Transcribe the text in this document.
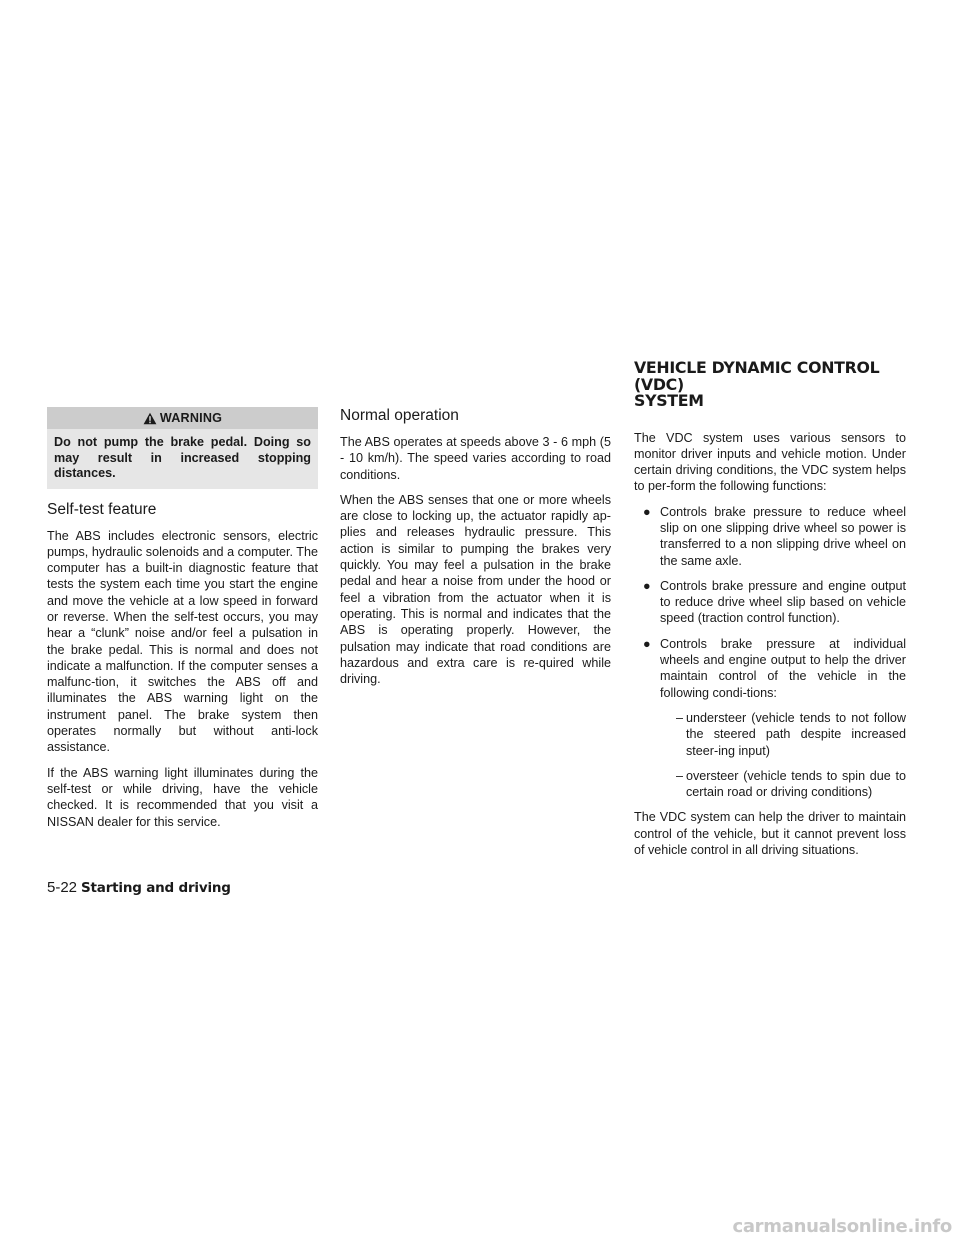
WARNING
Do not pump the brake pedal. Doing so may result in increased stopping distances.
Self-test feature

The ABS includes electronic sensors, electric pumps, hydraulic solenoids and a computer. The computer has a built-in diagnostic feature that tests the system each time you start the engine and move the vehicle at a low speed in forward or reverse. When the self-test occurs, you may hear a “clunk” noise and/or feel a pulsation in the brake pedal. This is normal and does not indicate a malfunction. If the computer senses a malfunc-tion, it switches the ABS off and illuminates the ABS warning light on the instrument panel. The brake system then operates normally but without anti-lock assistance.

If the ABS warning light illuminates during the self-test or while driving, have the vehicle checked. It is recommended that you visit a NISSAN dealer for this service.

Normal operation

The ABS operates at speeds above 3 - 6 mph (5 - 10 km/h). The speed varies according to road conditions.

When the ABS senses that one or more wheels are close to locking up, the actuator rapidly ap-plies and releases hydraulic pressure. This action is similar to pumping the brakes very quickly. You may feel a pulsation in the brake pedal and hear a noise from under the hood or feel a vibration from the actuator when it is operating. This is normal and indicates that the ABS is operating properly. However, the pulsation may indicate that road conditions are hazardous and extra care is re-quired while driving.

VEHICLE DYNAMIC CONTROL (VDC)
SYSTEM

The VDC system uses various sensors to monitor driver inputs and vehicle motion. Under certain driving conditions, the VDC system helps to per-form the following functions:

● Controls brake pressure to reduce wheel slip on one slipping drive wheel so power is transferred to a non slipping drive wheel on the same axle.
● Controls brake pressure and engine output to reduce drive wheel slip based on vehicle speed (traction control function).
● Controls brake pressure at individual wheels and engine output to help the driver maintain control of the vehicle in the following condi-tions:
– understeer (vehicle tends to not follow the steered path despite increased steer-ing input)
– oversteer (vehicle tends to spin due to certain road or driving conditions)

The VDC system can help the driver to maintain control of the vehicle, but it cannot prevent loss of vehicle control in all driving situations.

5-22 Starting and driving
carmanualsonline.info
